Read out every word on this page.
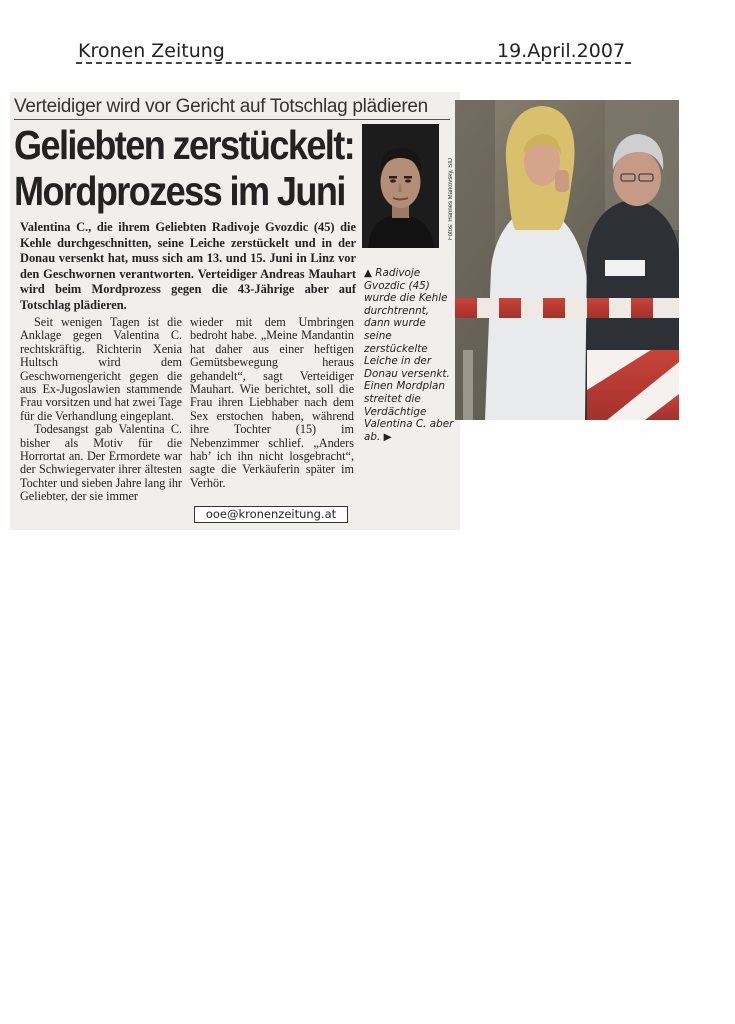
Kronen Zeitung	19.April.2007
Verteidiger wird vor Gericht auf Totschlag plädieren
Geliebten zerstückelt:
Mordprozess im Juni	Fotos: Hannes Markovsky, SID
Valentina C., die ihrem Geliebten Radivoje Gvozdic (45) die Kehle durchgeschnitten, seine Leiche zerstückelt und in der Donau versenkt hat, muss sich am 13. und 15. Juni in Linz vor den Geschwornen verantworten. Verteidiger Andreas Mauhart wird beim Mordprozess gegen die 43-Jährige aber auf Totschlag plädieren.

Seit wenigen Tagen ist die Anklage gegen Valentina C. rechtskräftig. Richterin Xenia Hultsch wird dem Geschwornengericht gegen die aus Ex-Jugoslawien stammende Frau vorsitzen und hat zwei Tage für die Verhandlung eingeplant.

Todesangst gab Valentina C. bisher als Motiv für die Horrortat an. Der Ermordete war der Schwiegervater ihrer ältesten Tochter und sieben Jahre lang ihr Geliebter, der sie immer

wieder mit dem Umbringen bedroht habe. „Meine Mandantin hat daher aus einer heftigen Gemütsbewegung heraus gehandelt“, sagt Verteidiger Mauhart. Wie berichtet, soll die Frau ihren Liebhaber nach dem Sex erstochen haben, während ihre Tochter (15) im Nebenzimmer schlief. „Anders hab’ ich ihn nicht losgebracht“, sagte die Verkäuferin später im Verhör.

ooe@kronenzeitung.at
▲ Radivoje Gvozdic (45) wurde die Kehle durchtrennt, dann wurde seine zerstückelte Leiche in der Donau versenkt. Einen Mordplan streitet die Verdächtige Valentina C. aber ab. ▶
